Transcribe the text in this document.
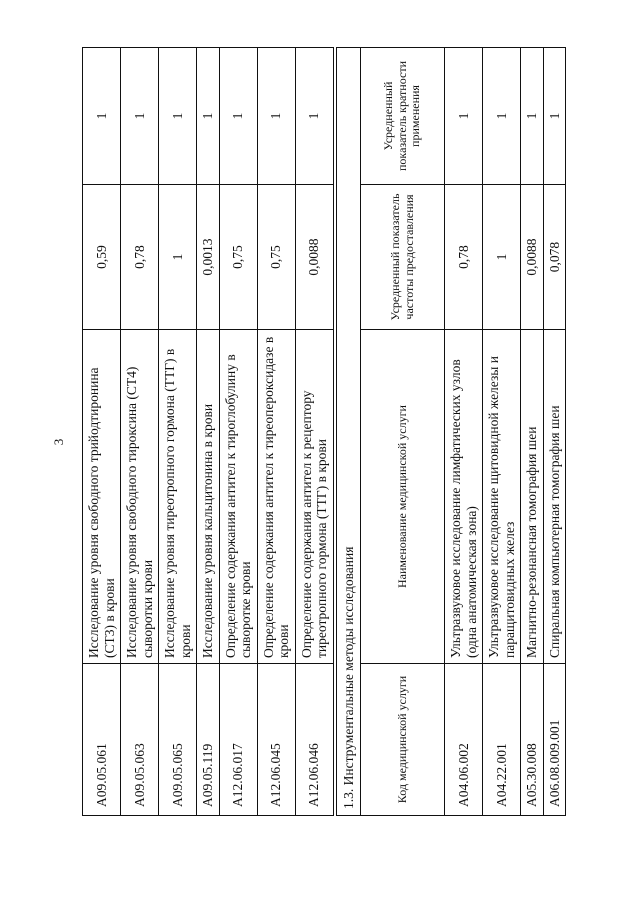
3
A09.05.061	Исследование уровня свободного трийодтиронина (СТ3) в крови	0,59	1
A09.05.063	Исследование уровня свободного тироксина (СТ4) сыворотки крови	0,78	1
A09.05.065	Исследование уровня тиреотропного гормона (ТТГ) в крови	1	1
A09.05.119	Исследование уровня кальцитонина в крови	0,0013	1
A12.06.017	Определение содержания антител к тироглобулину в сыворотке крови	0,75	1
A12.06.045	Определение содержания антител к тиреопероксидазе в крови	0,75	1
A12.06.046	Определение содержания антител к рецептору тиреотропного гормона (ТТГ) в крови	0,0088	1
1.3. Инструментальные методы исследования			
Код медицинской услуги	Наименование медицинской услуги	Усредненный показатель частоты предоставления	Усредненный показатель кратности применения
A04.06.002	Ультразвуковое исследование лимфатических узлов (одна анатомическая зона)	0,78	1
A04.22.001	Ультразвуковое исследование щитовидной железы и паращитовидных желез	1	1
A05.30.008	Магнитно-резонансная томография шеи	0,0088	1
A06.08.009.001	Спиральная компьютерная томография шеи	0,078	1
